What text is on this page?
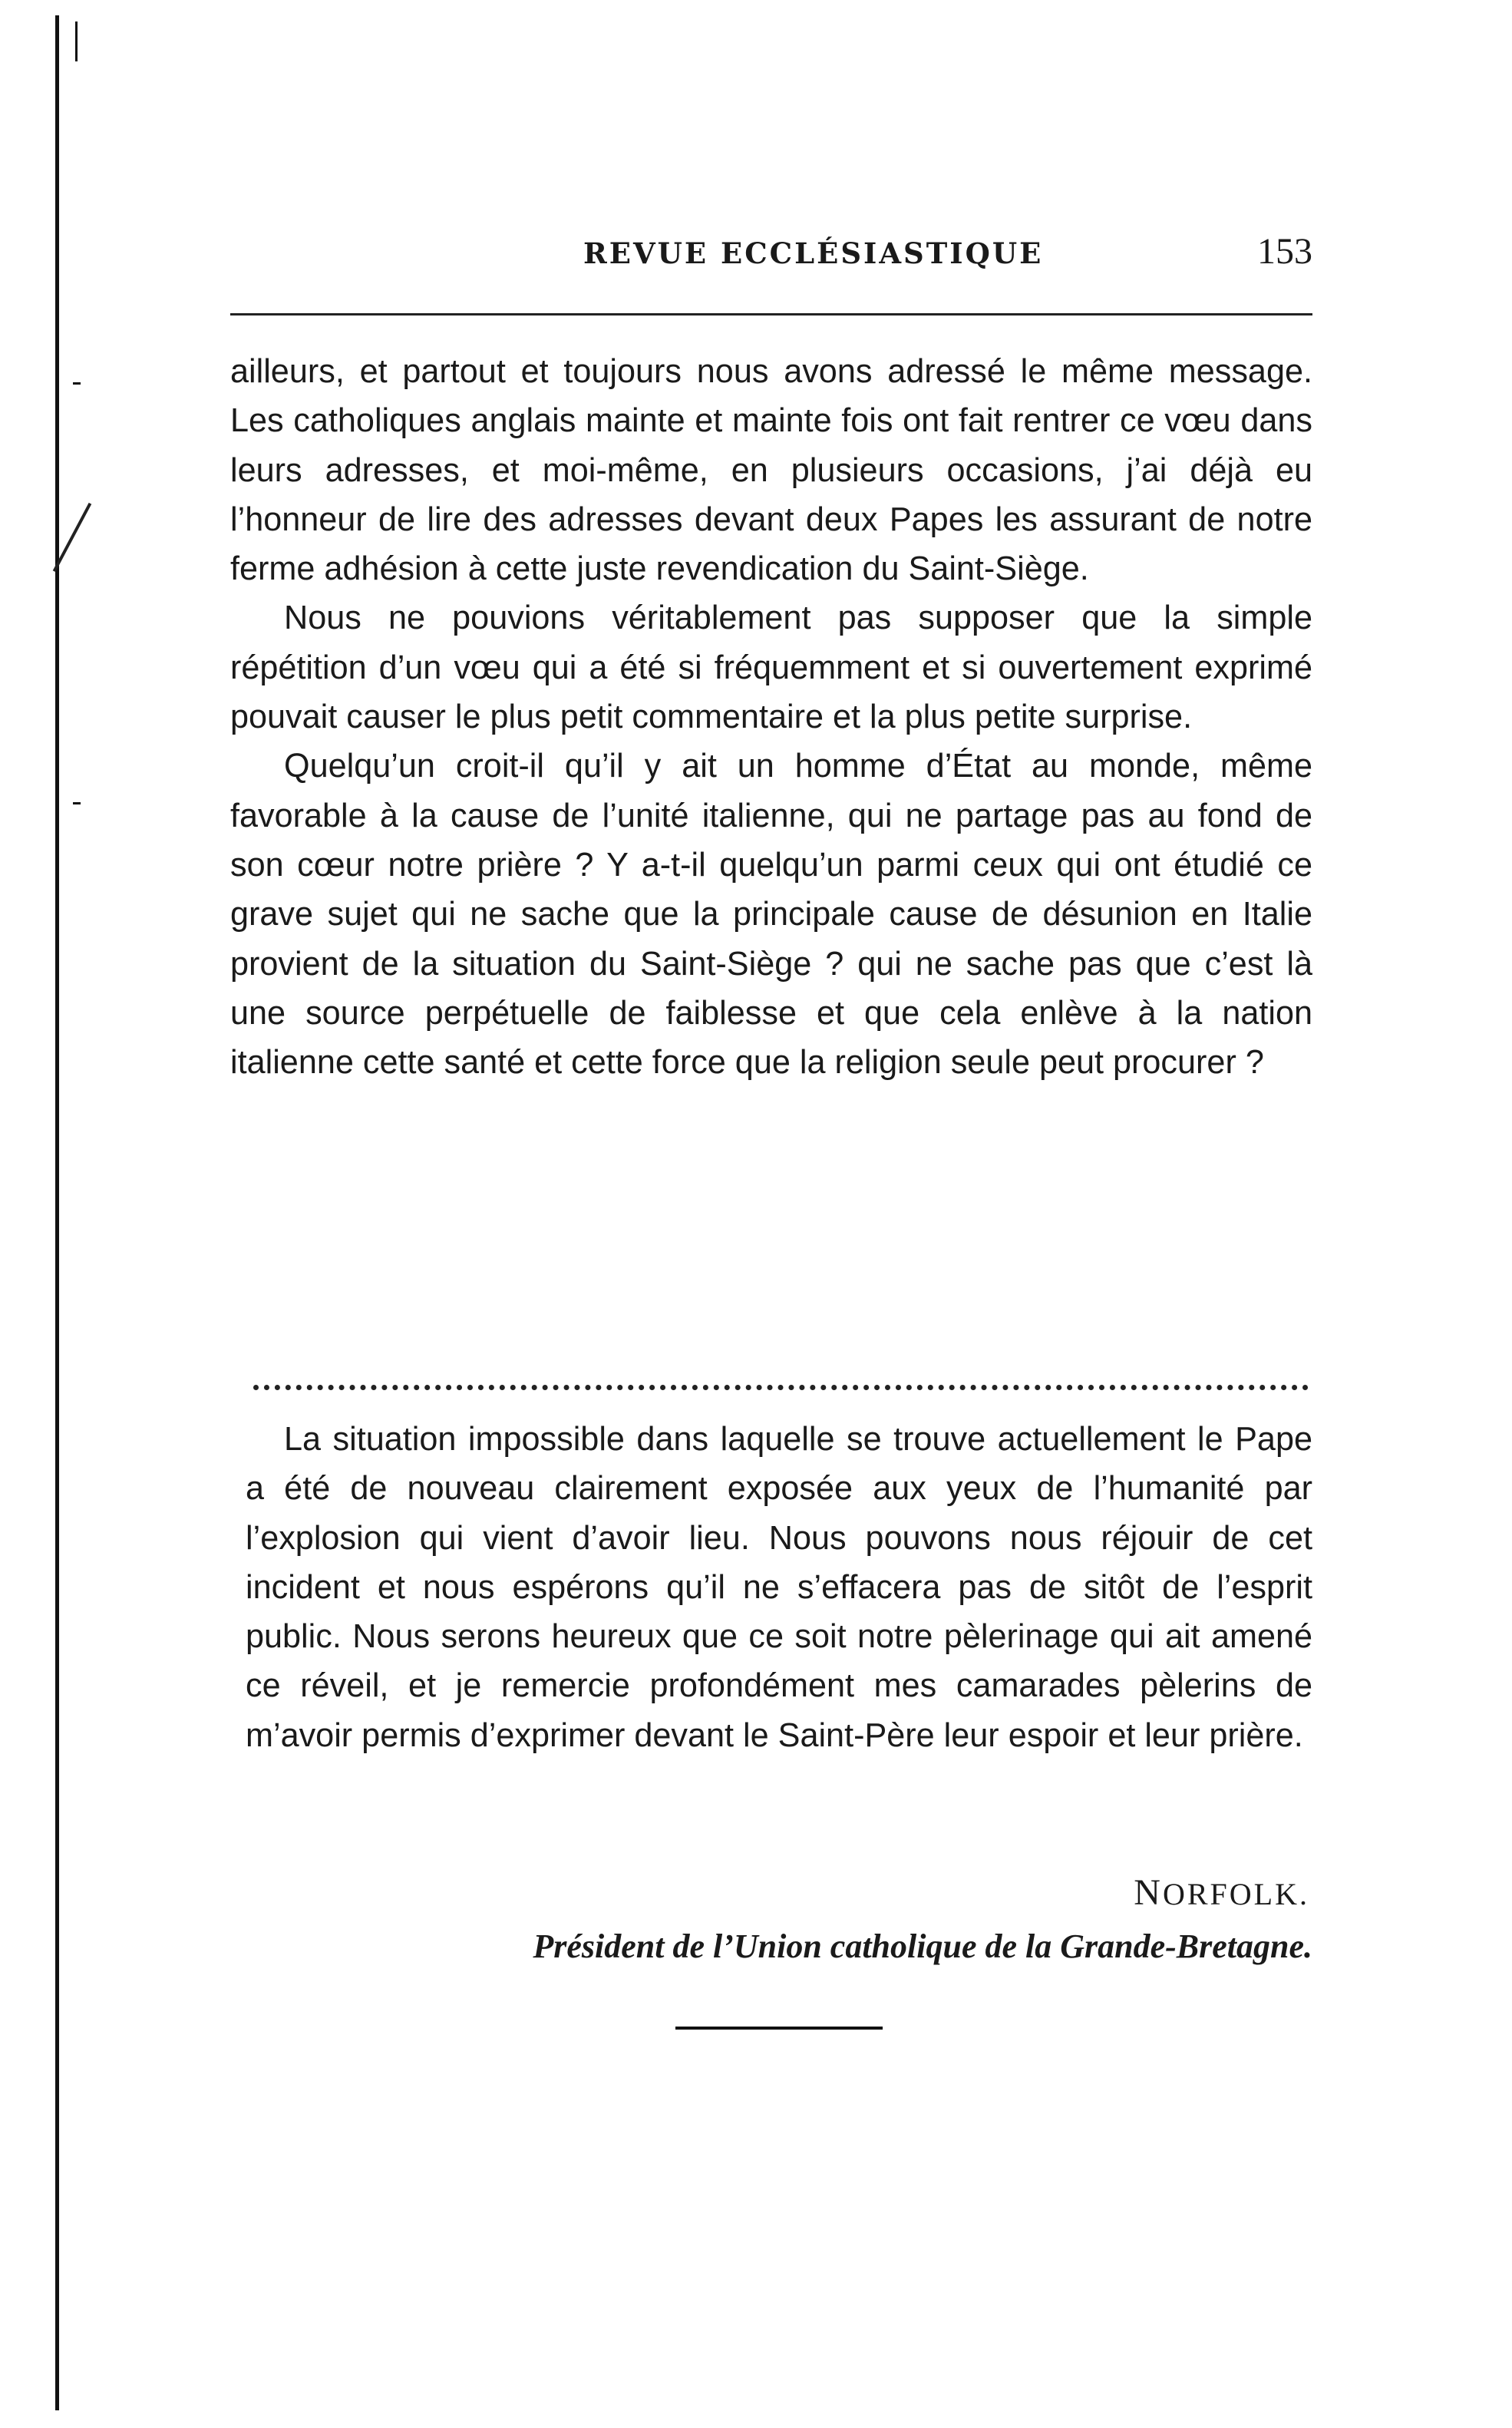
REVUE ECCLÉSIASTIQUE	153

ailleurs, et partout et toujours nous avons adressé le même message. Les catholiques anglais mainte et mainte fois ont fait rentrer ce vœu dans leurs adresses, et moi-même, en plusieurs occasions, j’ai déjà eu l’honneur de lire des adresses devant deux Papes les assurant de notre ferme adhésion à cette juste revendication du Saint-Siège.

Nous ne pouvions véritablement pas supposer que la simple répétition d’un vœu qui a été si fréquemment et si ouvertement exprimé pouvait causer le plus petit commentaire et la plus petite surprise.

Quelqu’un croit-il qu’il y ait un homme d’État au monde, même favorable à la cause de l’unité italienne, qui ne partage pas au fond de son cœur notre prière ? Y a-t-il quelqu’un parmi ceux qui ont étudié ce grave sujet qui ne sache que la principale cause de désunion en Italie provient de la situation du Saint-Siège ? qui ne sache pas que c’est là une source perpétuelle de faiblesse et que cela enlève à la nation italienne cette santé et cette force que la religion seule peut procurer ?

La situation impossible dans laquelle se trouve actuellement le Pape a été de nouveau clairement exposée aux yeux de l’humanité par l’explosion qui vient d’avoir lieu. Nous pouvons nous réjouir de cet incident et nous espérons qu’il ne s’effacera pas de sitôt de l’esprit public. Nous serons heureux que ce soit notre pèlerinage qui ait amené ce réveil, et je remercie profondément mes camarades pèlerins de m’avoir permis d’exprimer devant le Saint-Père leur espoir et leur prière.

NORFOLK.
Président de l’Union catholique de la Grande-Bretagne.
